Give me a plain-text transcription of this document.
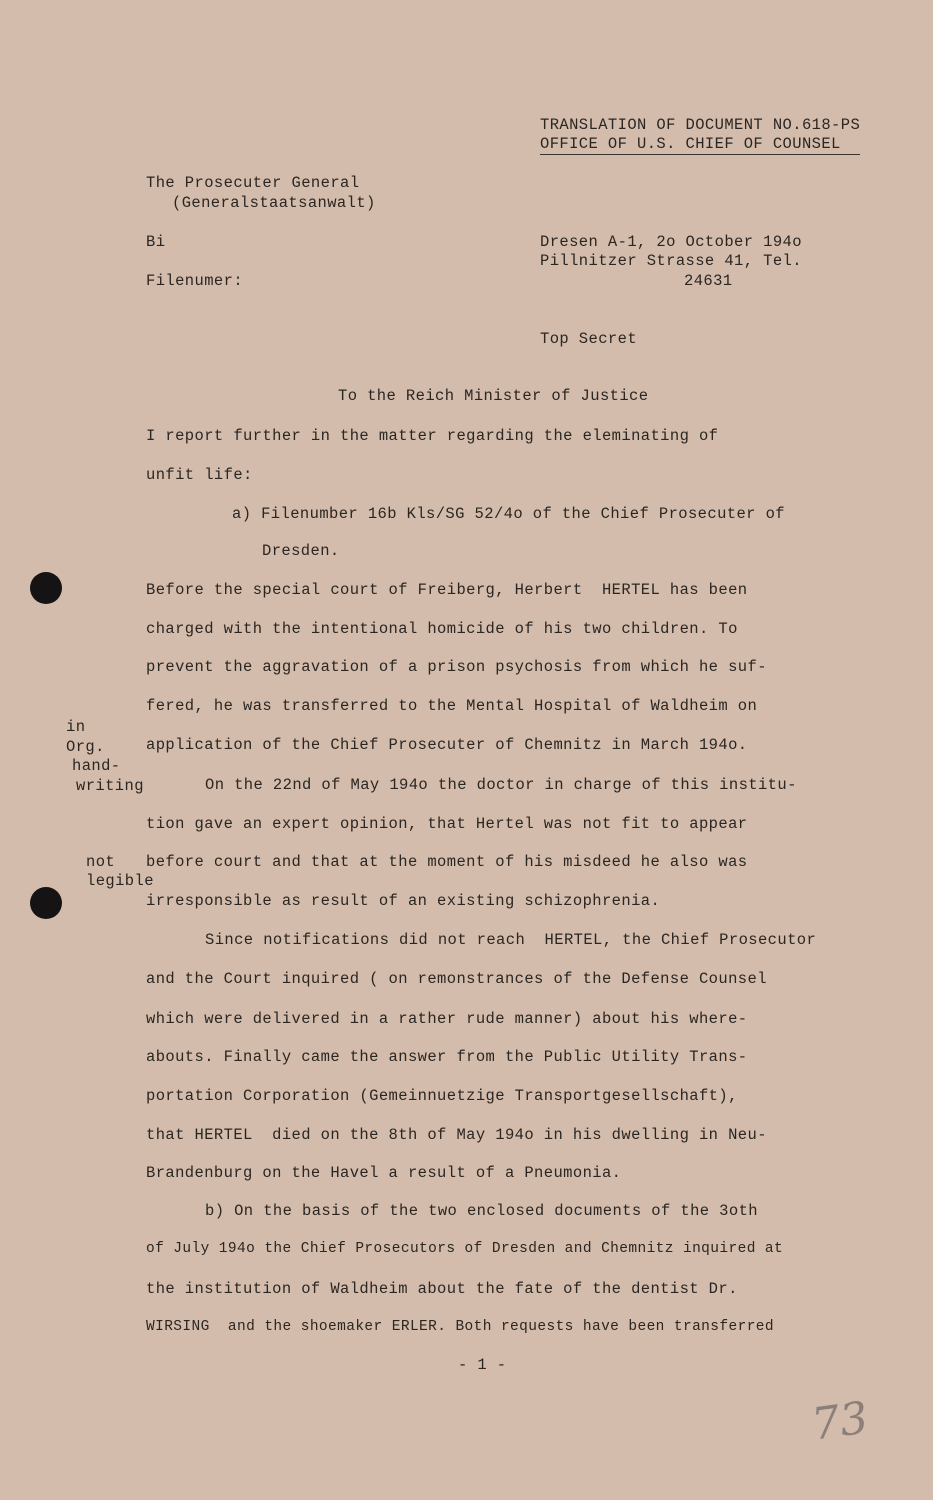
TRANSLATION OF DOCUMENT NO.618-PS
OFFICE OF U.S. CHIEF OF COUNSEL
The Prosecuter General
(Generalstaatsanwalt)
Bi
Filenumer:
Dresen A-1, 2o October 194o
Pillnitzer Strasse 41, Tel.
24631
Top Secret
To the Reich Minister of Justice
I report further in the matter regarding the eleminating of
unfit life:
a) Filenumber 16b Kls/SG 52/4o of the Chief Prosecuter of
Dresden.
Before the special court of Freiberg, Herbert  HERTEL has been
charged with the intentional homicide of his two children. To
prevent the aggravation of a prison psychosis from which he suf-
fered, he was transferred to the Mental Hospital of Waldheim on
application of the Chief Prosecuter of Chemnitz in March 194o.
On the 22nd of May 194o the doctor in charge of this institu-
tion gave an expert opinion, that Hertel was not fit to appear
before court and that at the moment of his misdeed he also was
irresponsible as result of an existing schizophrenia.
Since notifications did not reach  HERTEL, the Chief Prosecutor
and the Court inquired ( on remonstrances of the Defense Counsel
which were delivered in a rather rude manner) about his where-
abouts. Finally came the answer from the Public Utility Trans-
portation Corporation (Gemeinnuetzige Transportgesellschaft),
that HERTEL  died on the 8th of May 194o in his dwelling in Neu-
Brandenburg on the Havel a result of a Pneumonia.
b) On the basis of the two enclosed documents of the 3oth
of July 194o the Chief Prosecutors of Dresden and Chemnitz inquired at
the institution of Waldheim about the fate of the dentist Dr.
WIRSING  and the shoemaker ERLER. Both requests have been transferred
in
Org.
hand-
writing
not
legible
- 1 -
73
